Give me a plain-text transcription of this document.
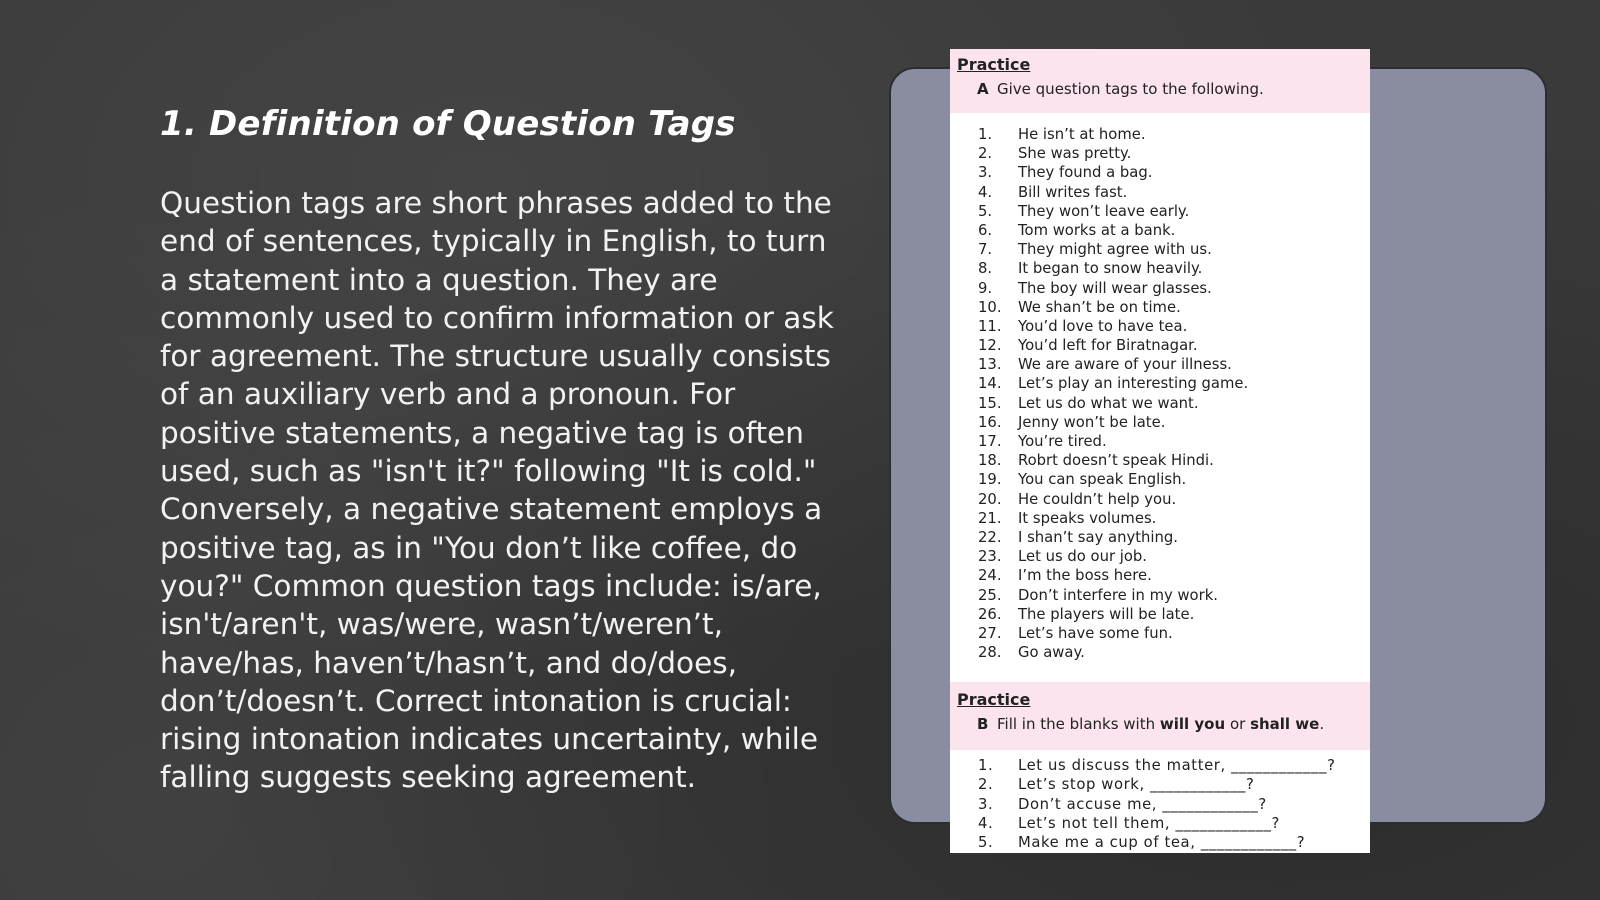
1. Definition of Question Tags

Question tags are short phrases added to the end of sentences, typically in English, to turn a statement into a question. They are commonly used to confirm information or ask for agreement. The structure usually consists of an auxiliary verb and a pronoun. For positive statements, a negative tag is often used, such as "isn't it?" following "It is cold." Conversely, a negative statement employs a positive tag, as in "You don’t like coffee, do you?" Common question tags include: is/are, isn't/aren't, was/were, wasn’t/weren’t, have/has, haven’t/hasn’t, and do/does, don’t/doesn’t. Correct intonation is crucial: rising intonation indicates uncertainty, while falling suggests seeking agreement.

Practice
A Give question tags to the following.
1.	He isn’t at home.
2.	She was pretty.
3.	They found a bag.
4.	Bill writes fast.
5.	They won’t leave early.
6.	Tom works at a bank.
7.	They might agree with us.
8.	It began to snow heavily.
9.	The boy will wear glasses.
10.	We shan’t be on time.
11.	You’d love to have tea.
12.	You’d left for Biratnagar.
13.	We are aware of your illness.
14.	Let’s play an interesting game.
15.	Let us do what we want.
16.	Jenny won’t be late.
17.	You’re tired.
18.	Robrt doesn’t speak Hindi.
19.	You can speak English.
20.	He couldn’t help you.
21.	It speaks volumes.
22.	I shan’t say anything.
23.	Let us do our job.
24.	I’m the boss here.
25.	Don’t interfere in my work.
26.	The players will be late.
27.	Let’s have some fun.
28.	Go away.
Practice
B Fill in the blanks with will you or shall we.
1.	Let us discuss the matter, ____________?
2.	Let’s stop work, ____________?
3.	Don’t accuse me, ____________?
4.	Let’s not tell them, ____________?
5.	Make me a cup of tea, ____________?
